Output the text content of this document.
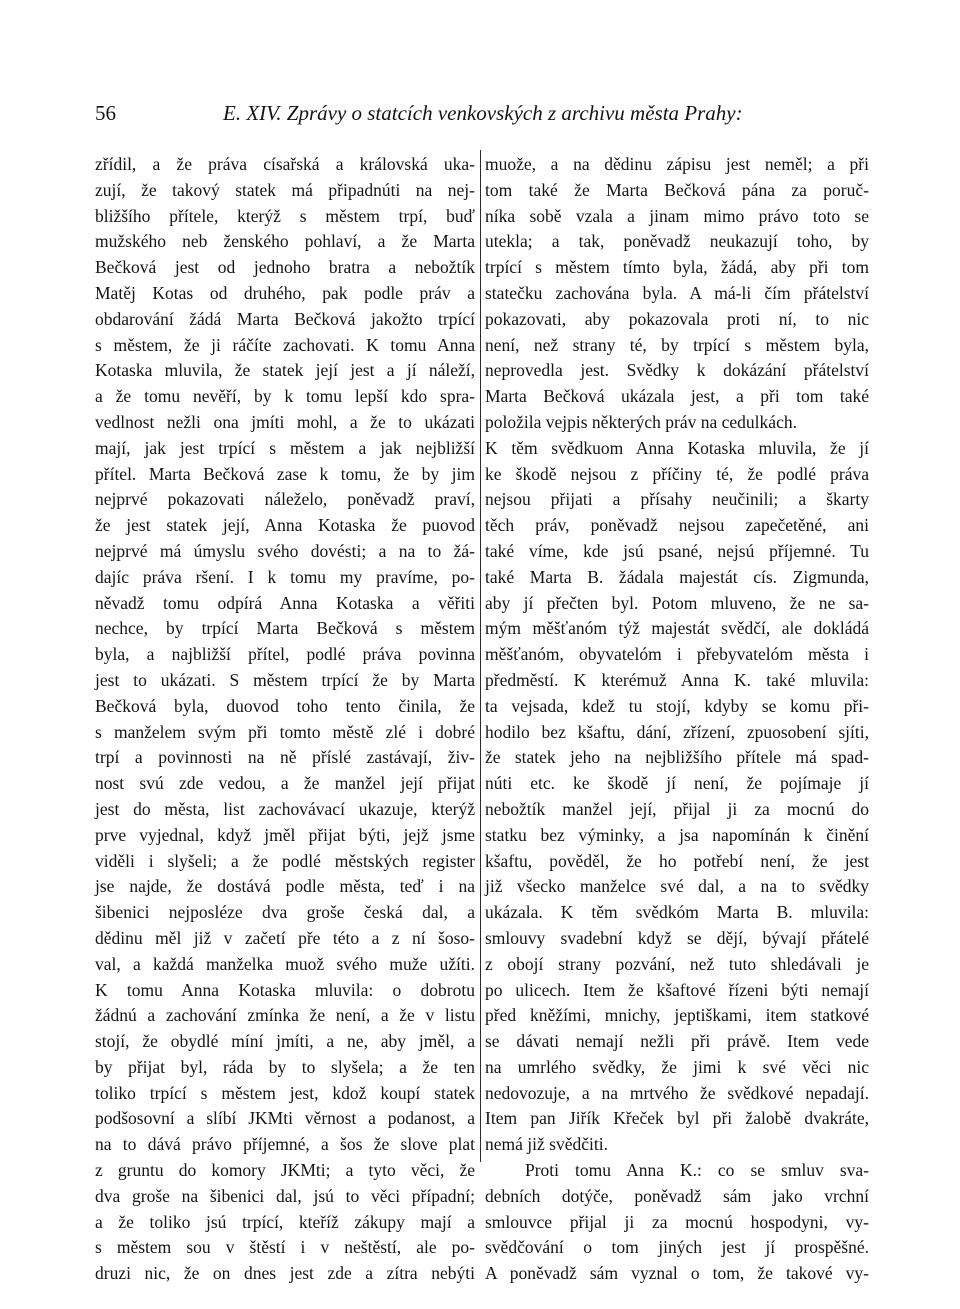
56	E. XIV. Zprávy o statcích venkovských z archivu města Prahy:
zřídil, a že práva císařská a královská uka-
zují, že takový statek má připadnúti na nej-
bližšího přítele, kterýž s městem trpí, buď
mužského neb ženského pohlaví, a že Marta
Bečková jest od jednoho bratra a nebožtík
Matěj Kotas od druhého, pak podle práv a
obdarování žádá Marta Bečková jakožto trpící
s městem, že ji ráčíte zachovati. K tomu Anna
Kotaska mluvila, že statek její jest a jí náleží,
a že tomu nevěří, by k tomu lepší kdo spra-
vedlnost nežli ona jmíti mohl, a že to ukázati
mají, jak jest trpící s městem a jak nejbližší
přítel. Marta Bečková zase k tomu, že by jim
nejprvé pokazovati náleželo, poněvadž praví,
že jest statek její, Anna Kotaska že puovod
nejprvé má úmyslu svého dovésti; a na to žá-
dajíc práva ršení. I k tomu my pravíme, po-
něvadž tomu odpírá Anna Kotaska a věřiti
nechce, by trpící Marta Bečková s městem
byla, a najbližší přítel, podlé práva povinna
jest to ukázati. S městem trpící že by Marta
Bečková byla, duovod toho tento činila, že
s manželem svým při tomto městě zlé i dobré
trpí a povinnosti na ně příslé zastávají, živ-
nost svú zde vedou, a že manžel její přijat
jest do města, list zachovávací ukazuje, kterýž
prve vyjednal, když jměl přijat býti, jejž jsme
viděli i slyšeli; a že podlé městských register
jse najde, že dostává podle města, teď i na
šibenici nejposléze dva groše česká dal, a
dědinu měl již v začetí pře této a z ní šoso-
val, a každá manželka muož svého muže užíti.
K tomu Anna Kotaska mluvila: o dobrotu
žádnú a zachování zmínka že není, a že v listu
stojí, že obydlé míní jmíti, a ne, aby jměl, a
by přijat byl, ráda by to slyšela; a že ten
toliko trpící s městem jest, kdož koupí statek
podšosovní a slíbí JKMti věrnost a podanost, a
na to dává právo příjemné, a šos že slove plat
z gruntu do komory JKMti; a tyto věci, že
dva groše na šibenici dal, jsú to věci případní;
a že toliko jsú trpící, kteříž zákupy mají a
s městem sou v štěstí i v neštěstí, ale po-
druzi nic, že on dnes jest zde a zítra nebýti
muože, a na dědinu zápisu jest neměl; a při
tom také že Marta Bečková pána za poruč-
níka sobě vzala a jinam mimo právo toto se
utekla; a tak, poněvadž neukazují toho, by
trpící s městem tímto byla, žádá, aby při tom
statečku zachována byla. A má-li čím přátelství
pokazovati, aby pokazovala proti ní, to nic
není, než strany té, by trpící s městem byla,
neprovedla jest. Svědky k dokázání přátelství
Marta Bečková ukázala jest, a při tom také
položila vejpis některých práv na cedulkách.
K těm svědkuom Anna Kotaska mluvila, že jí
ke škodě nejsou z příčiny té, že podlé práva
nejsou přijati a přísahy neučinili; a škarty
těch práv, poněvadž nejsou zapečetěné, ani
také víme, kde jsú psané, nejsú příjemné. Tu
také Marta B. žádala majestát cís. Zigmunda,
aby jí přečten byl. Potom mluveno, že ne sa-
mým měšťanóm týž majestát svědčí, ale dokládá
měšťanóm, obyvatelóm i přebyvatelóm města i
předměstí. K kterémuž Anna K. také mluvila:
ta vejsada, kdež tu stojí, kdyby se komu při-
hodilo bez kšaftu, dání, zřízení, zpuosobení sjíti,
že statek jeho na nejbližšího přítele má spad-
núti etc. ke škodě jí není, že pojímaje jí
nebožtík manžel její, přijal ji za mocnú do
statku bez výminky, a jsa napomínán k činění
kšaftu, pověděl, že ho potřebí není, že jest
již všecko manželce své dal, a na to svědky
ukázala. K těm svědkóm Marta B. mluvila:
smlouvy svadební když se dějí, bývají přátelé
z obojí strany pozvání, než tuto shledávali je
po ulicech. Item že kšaftové řízeni býti nemají
před kněžími, mnichy, jeptiškami, item statkové
se dávati nemají nežli při právě. Item vede
na umrlého svědky, že jimi k své věci nic
nedovozuje, a na mrtvého že svědkové nepadají.
Item pan Jiřík Křeček byl při žalobě dvakráte,
nemá již svědčiti.
Proti tomu Anna K.: co se smluv sva-
debních dotýče, poněvadž sám jako vrchní
smlouvce přijal ji za mocnú hospodyni, vy-
svědčování o tom jiných jest jí prospěšné.
A poněvadž sám vyznal o tom, že takové vy-
